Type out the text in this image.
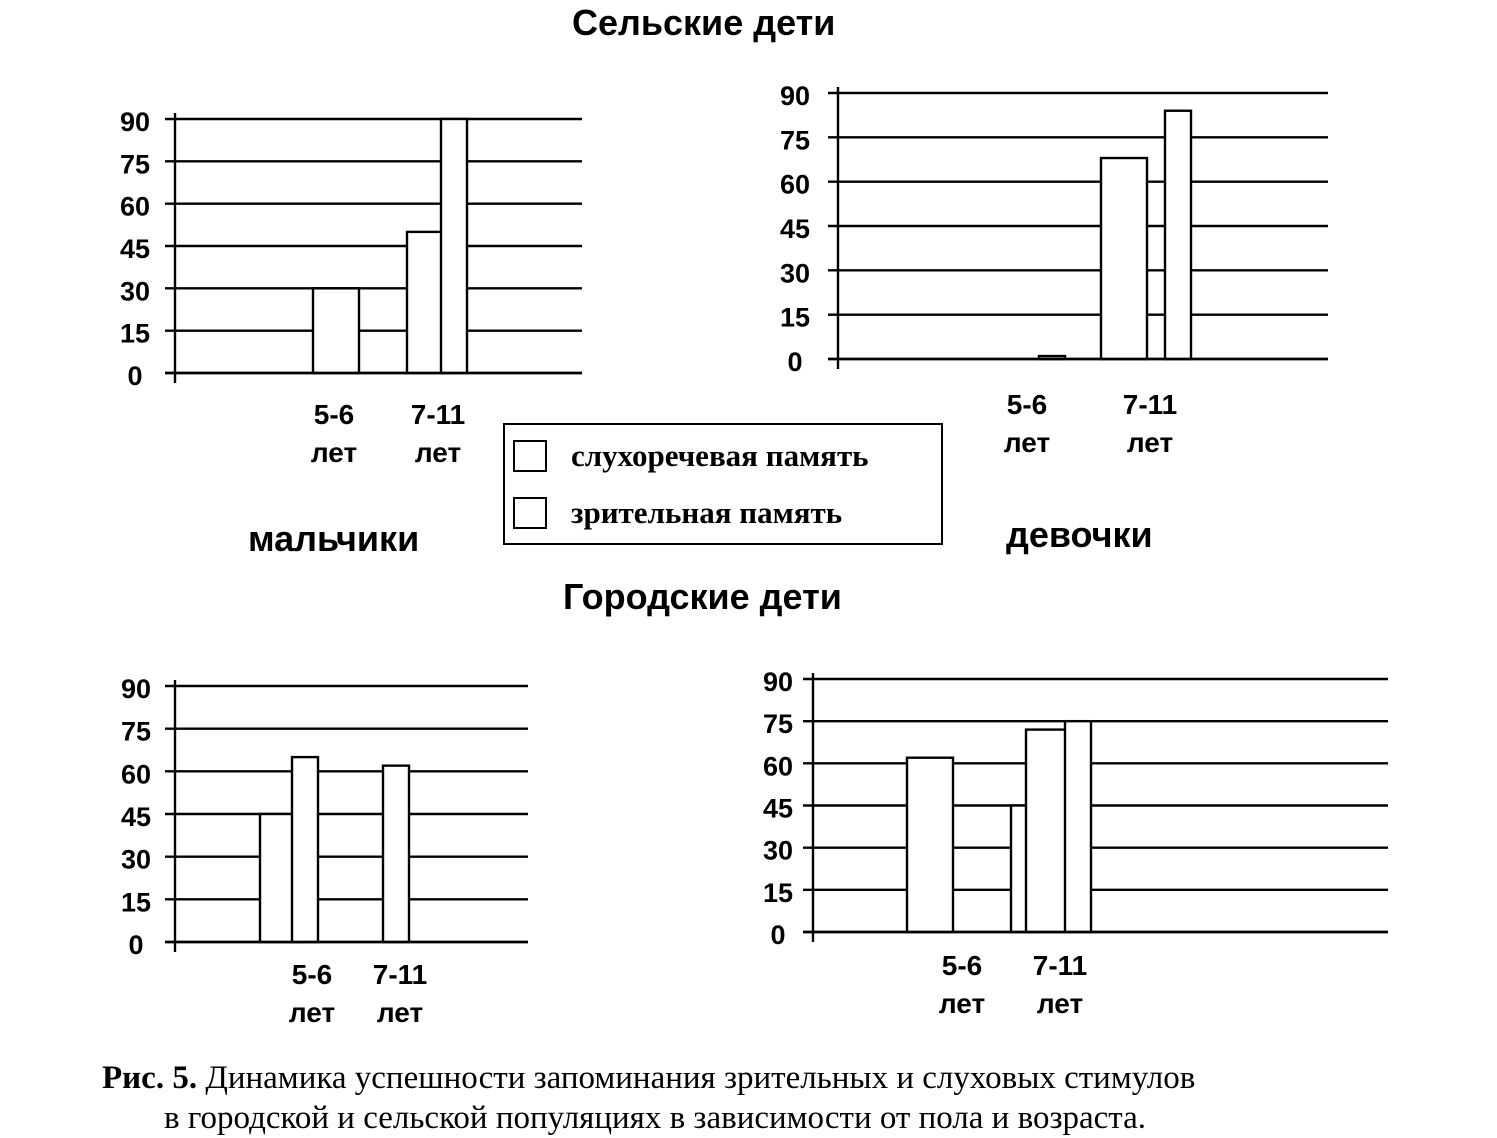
Сельские дети
Городские дети
мальчики	девочки
0
15
30
45
60
75
90
5-6
лет
7-11
лет
0
15
30
45
60
75
90
5-6
лет
7-11
лет
0
15
30
45
60
75
90
5-6
лет
7-11
лет
0
15
30
45
60
75
90
5-6
лет
7-11
лет
слухоречевая память
зрительная память
Рис. 5. Динамика успешности запоминания зрительных и слуховых стимулов
в городской и сельской популяциях в зависимости от пола и возраста.
